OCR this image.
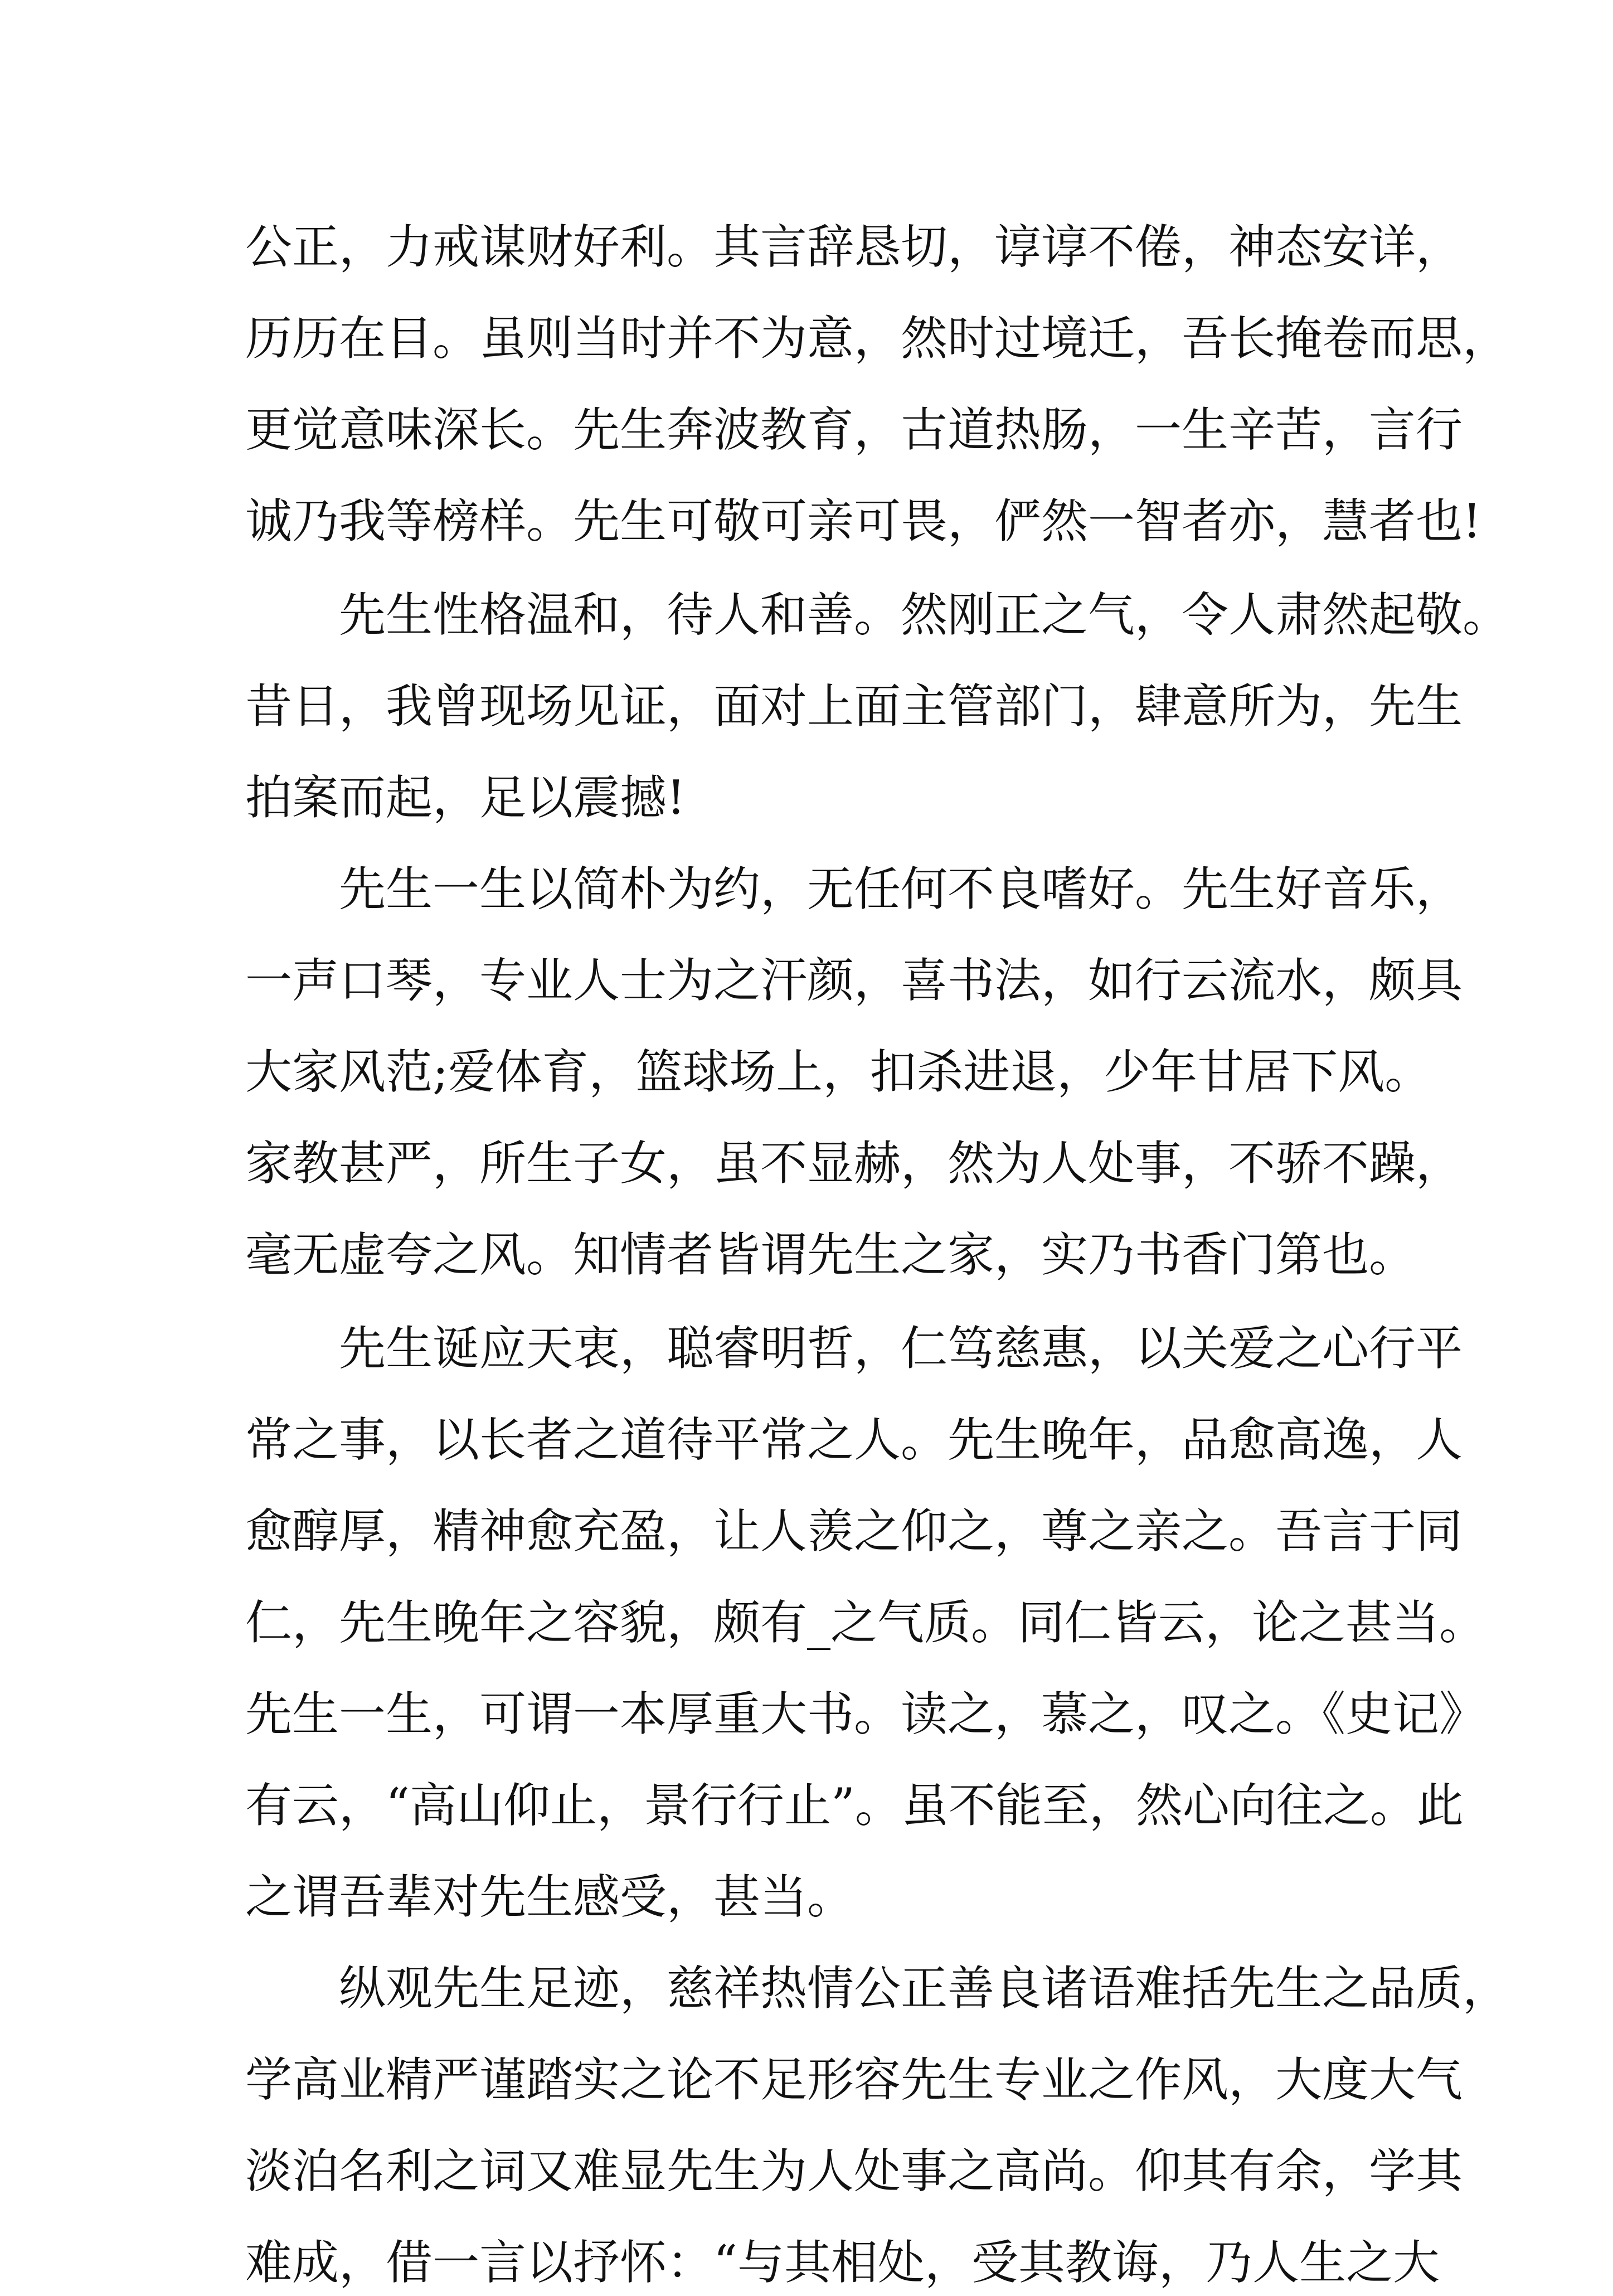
公正，力戒谋财好利。其言辞恳切，谆谆不倦，神态安详，
历历在目。虽则当时并不为意，然时过境迁，吾长掩卷而思，
更觉意味深长。先生奔波教育，古道热肠，一生辛苦，言行
诚乃我等榜样。先生可敬可亲可畏，俨然一智者亦，慧者也!
先生性格温和，待人和善。然刚正之气，令人肃然起敬。
昔日，我曾现场见证，面对上面主管部门，肆意所为，先生
拍案而起，足以震撼!
先生一生以简朴为约，无任何不良嗜好。先生好音乐，
一声口琴，专业人士为之汗颜，喜书法，如行云流水，颇具
大家风范;爱体育，篮球场上，扣杀进退，少年甘居下风。
家教甚严，所生子女，虽不显赫，然为人处事，不骄不躁，
毫无虚夸之风。知情者皆谓先生之家，实乃书香门第也。
先生诞应天衷，聪睿明哲，仁笃慈惠，以关爱之心行平
常之事，以长者之道待平常之人。先生晚年，品愈高逸，人
愈醇厚，精神愈充盈，让人羡之仰之，尊之亲之。吾言于同
仁，先生晚年之容貌，颇有_之气质。同仁皆云，论之甚当。
先生一生，可谓一本厚重大书。读之，慕之，叹之。《史记》
有云，“高山仰止，景行行止”。虽不能至，然心向往之。此
之谓吾辈对先生感受，甚当。
纵观先生足迹，慈祥热情公正善良诸语难括先生之品质，
学高业精严谨踏实之论不足形容先生专业之作风，大度大气
淡泊名利之词又难显先生为人处事之高尚。仰其有余，学其
难成，借一言以抒怀：“与其相处，受其教诲，乃人生之大
